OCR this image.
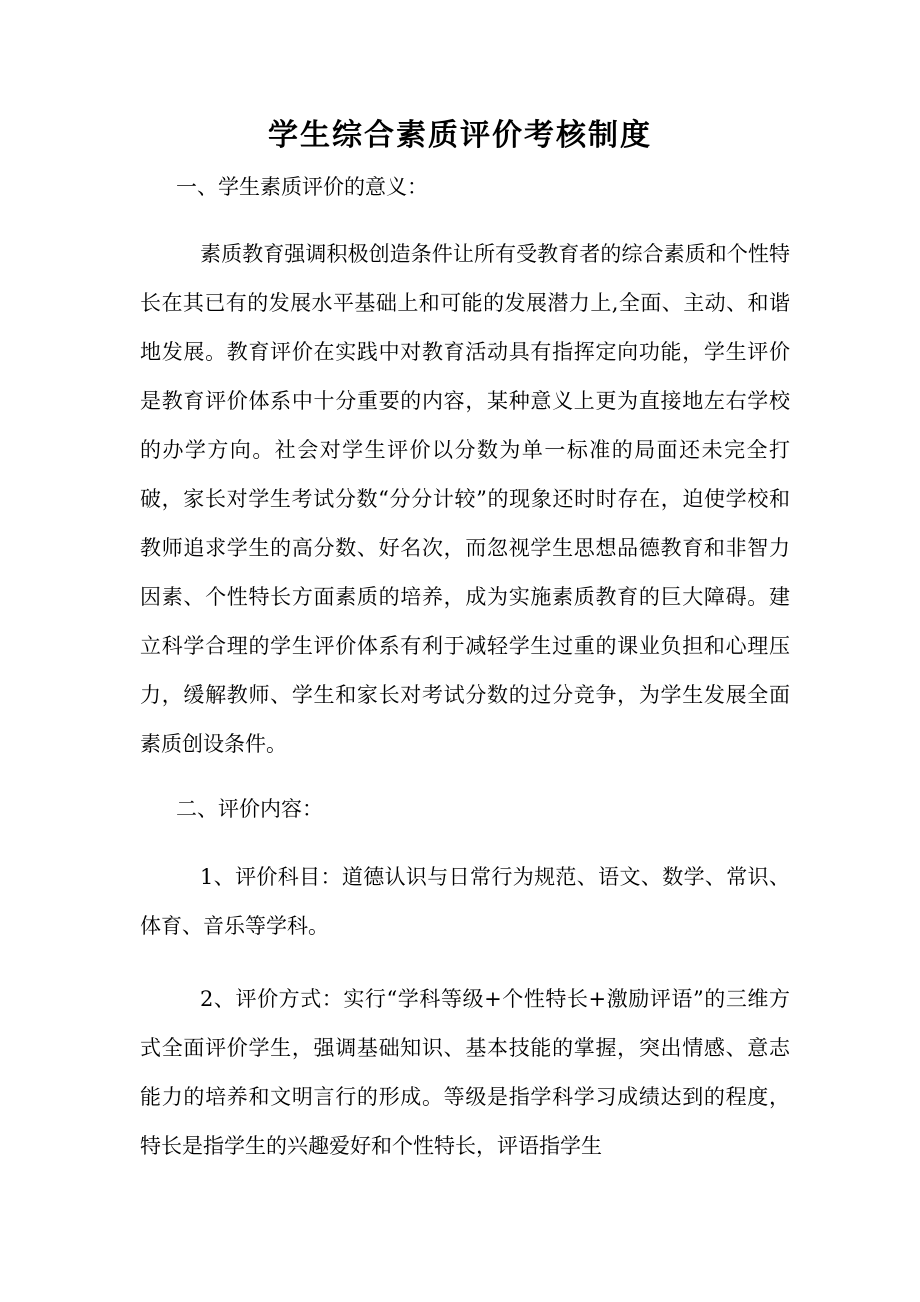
学生综合素质评价考核制度
一、学生素质评价的意义：

素质教育强调积极创造条件让所有受教育者的综合素质和个性特长在其已有的发展水平基础上和可能的发展潜力上,全面、主动、和谐地发展。教育评价在实践中对教育活动具有指挥定向功能，学生评价是教育评价体系中十分重要的内容，某种意义上更为直接地左右学校的办学方向。社会对学生评价以分数为单一标准的局面还未完全打破，家长对学生考试分数“分分计较”的现象还时时存在，迫使学校和教师追求学生的高分数、好名次，而忽视学生思想品德教育和非智力因素、个性特长方面素质的培养，成为实施素质教育的巨大障碍。建立科学合理的学生评价体系有利于减轻学生过重的课业负担和心理压力，缓解教师、学生和家长对考试分数的过分竞争，为学生发展全面素质创设条件。

二、评价内容：

1、评价科目：道德认识与日常行为规范、语文、数学、常识、体育、音乐等学科。

2、评价方式：实行“学科等级+个性特长+激励评语”的三维方式全面评价学生，强调基础知识、基本技能的掌握，突出情感、意志能力的培养和文明言行的形成。等级是指学科学习成绩达到的程度，特长是指学生的兴趣爱好和个性特长，评语指学生
